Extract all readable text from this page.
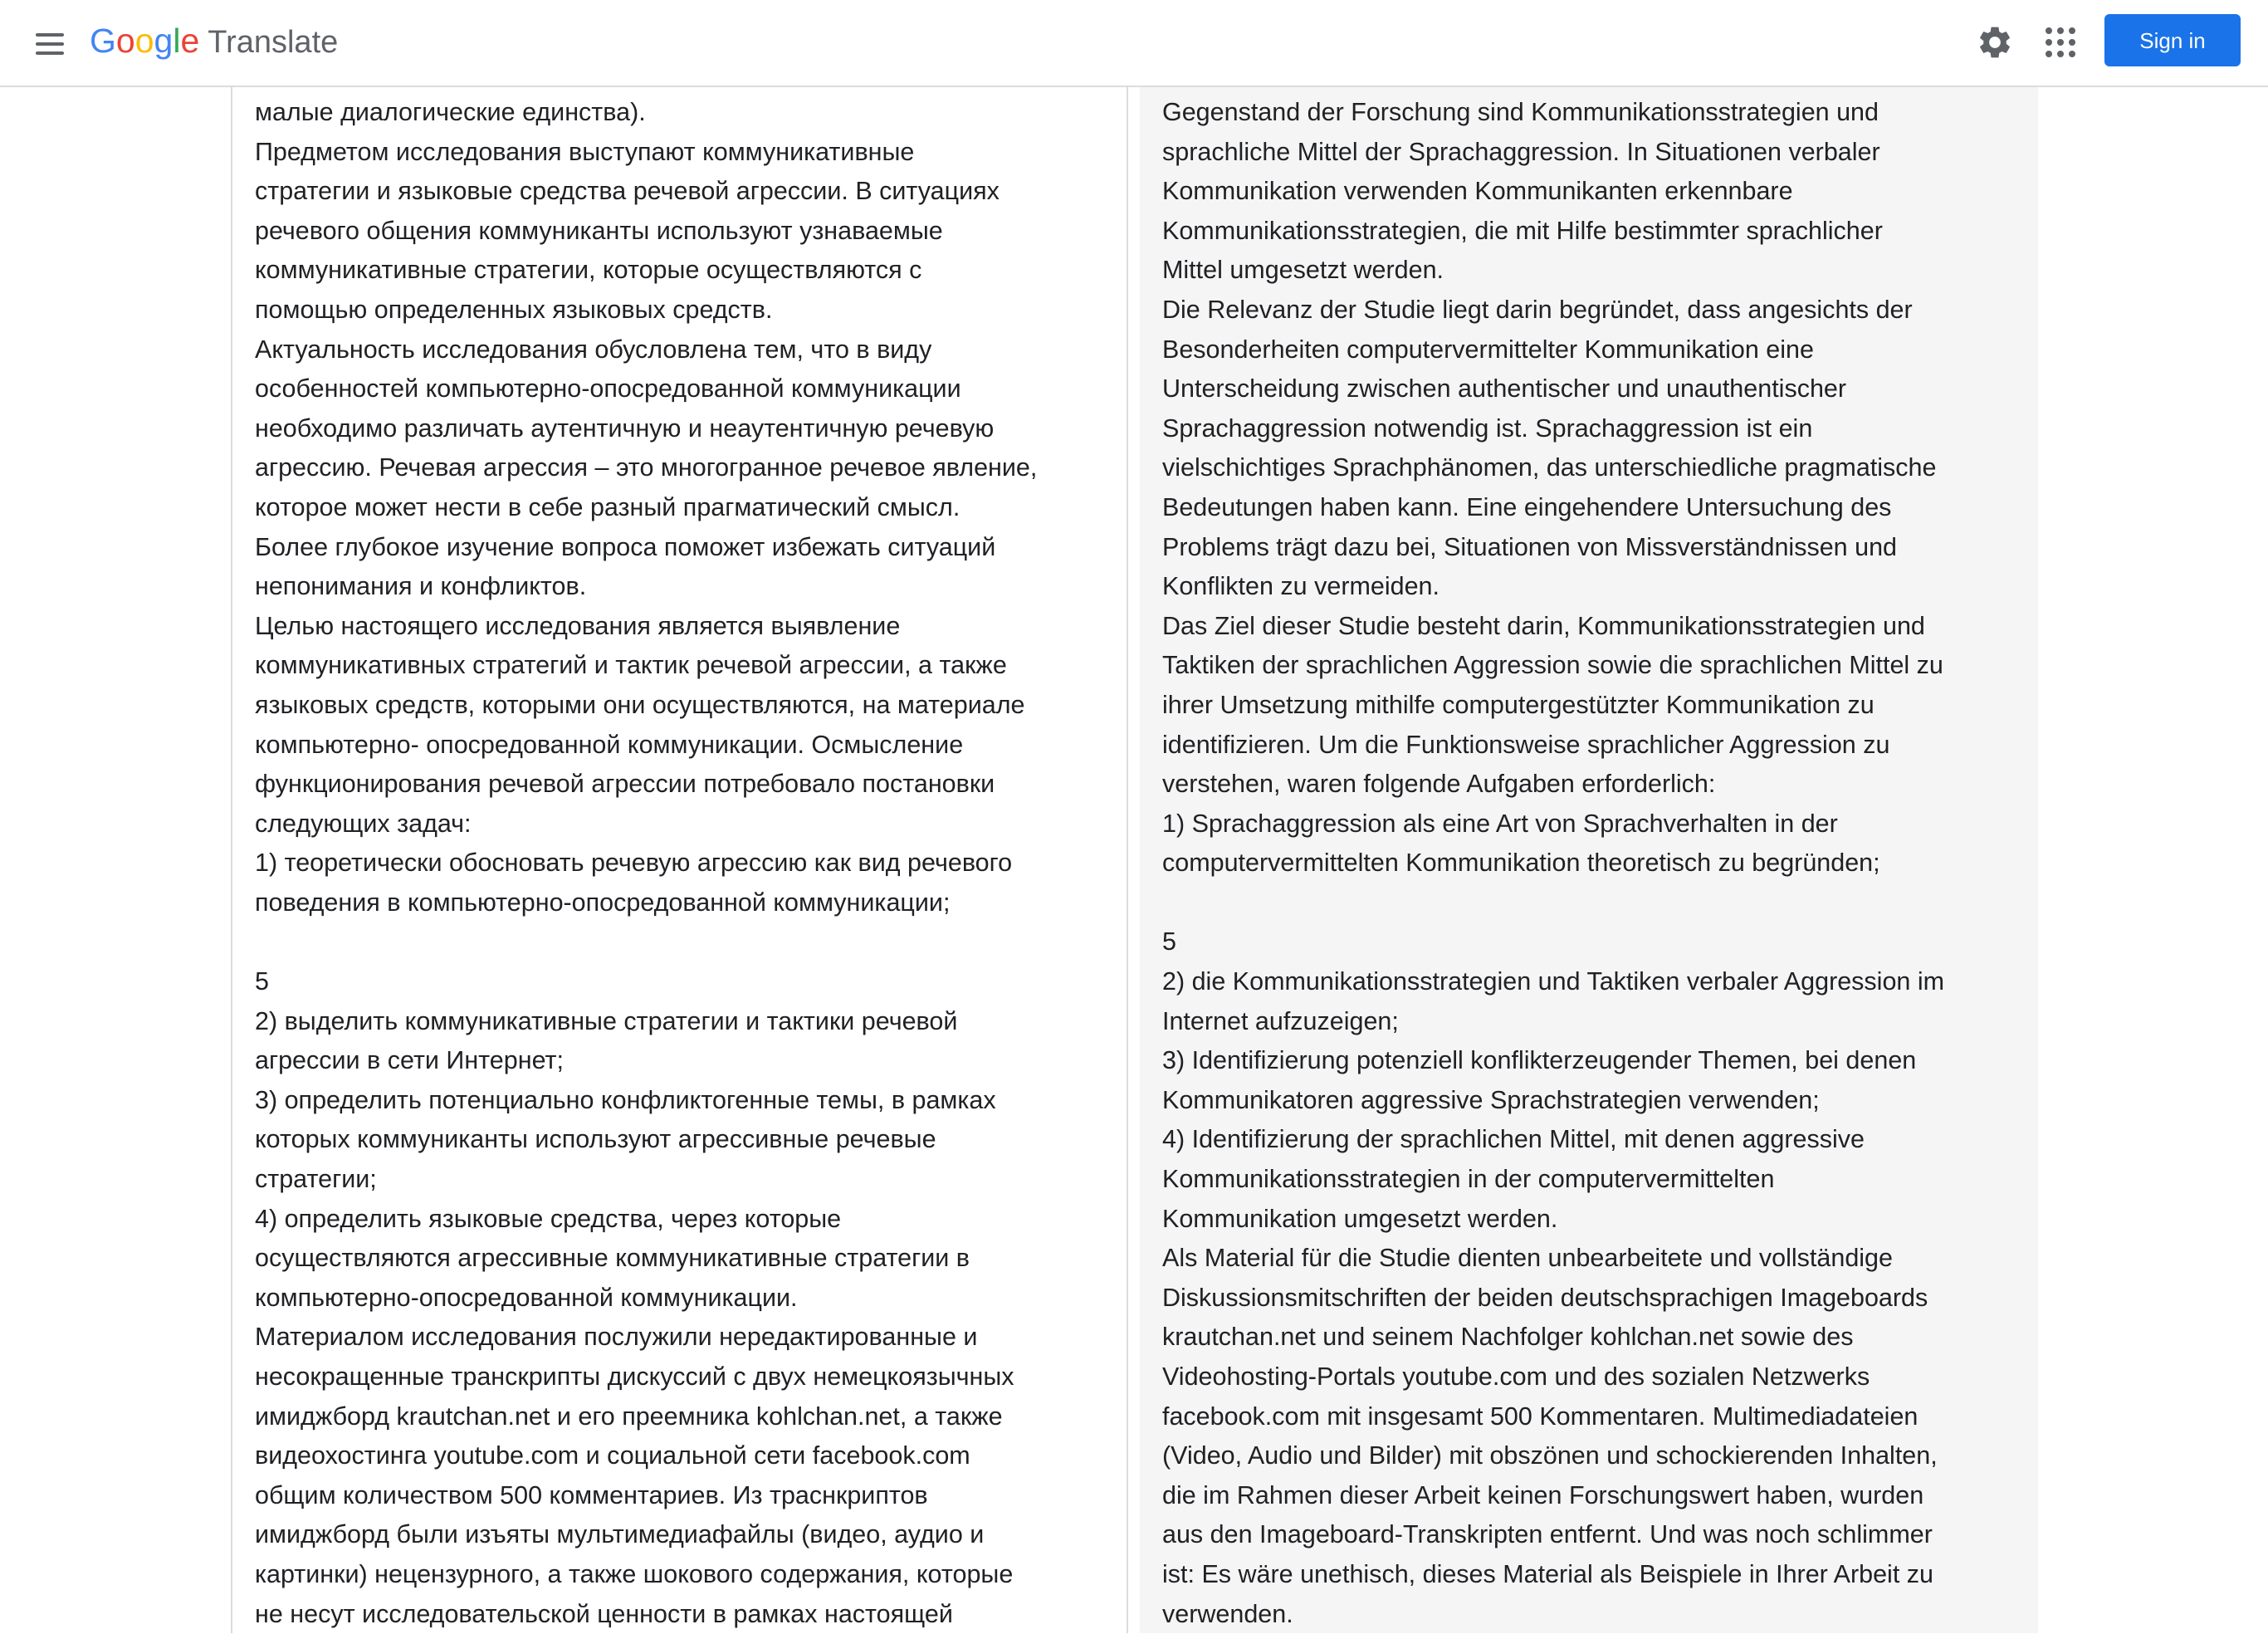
Google Translate	Sign in
малые диалогические единства).
Предметом исследования выступают коммуникативные
стратегии и языковые средства речевой агрессии. В ситуациях
речевого общения коммуниканты используют узнаваемые
коммуникативные стратегии, которые осуществляются с
помощью определенных языковых средств.
Актуальность исследования обусловлена тем, что в виду
особенностей компьютерно-опосредованной коммуникации
необходимо различать аутентичную и неаутентичную речевую
агрессию. Речевая агрессия – это многогранное речевое явление,
которое может нести в себе разный прагматический смысл.
Более глубокое изучение вопроса поможет избежать ситуаций
непонимания и конфликтов.
Целью настоящего исследования является выявление
коммуникативных стратегий и тактик речевой агрессии, а также
языковых средств, которыми они осуществляются, на материале
компьютерно- опосредованной коммуникации. Осмысление
функционирования речевой агрессии потребовало постановки
следующих задач:
1) теоретически обосновать речевую агрессию как вид речевого
поведения в компьютерно-опосредованной коммуникации;

5
2) выделить коммуникативные стратегии и тактики речевой
агрессии в сети Интернет;
3) определить потенциально конфликтогенные темы, в рамках
которых коммуниканты используют агрессивные речевые
стратегии;
4) определить языковые средства, через которые
осуществляются агрессивные коммуникативные стратегии в
компьютерно-опосредованной коммуникации.
Материалом исследования послужили нередактированные и
несокращенные транскрипты дискуссий с двух немецкоязычных
имиджборд krautchan.net и его преемника kohlchan.net, а также
видеохостинга youtube.com и социальной сети facebook.com
общим количеством 500 комментариев. Из траснкриптов
имиджборд были изъяты мультимедиафайлы (видео, аудио и
картинки) нецензурного, а также шокового содержания, которые
не несут исследовательской ценности в рамках настоящей
Gegenstand der Forschung sind Kommunikationsstrategien und
sprachliche Mittel der Sprachaggression. In Situationen verbaler
Kommunikation verwenden Kommunikanten erkennbare
Kommunikationsstrategien, die mit Hilfe bestimmter sprachlicher
Mittel umgesetzt werden.
Die Relevanz der Studie liegt darin begründet, dass angesichts der
Besonderheiten computervermittelter Kommunikation eine
Unterscheidung zwischen authentischer und unauthentischer
Sprachaggression notwendig ist. Sprachaggression ist ein
vielschichtiges Sprachphänomen, das unterschiedliche pragmatische
Bedeutungen haben kann. Eine eingehendere Untersuchung des
Problems trägt dazu bei, Situationen von Missverständnissen und
Konflikten zu vermeiden.
Das Ziel dieser Studie besteht darin, Kommunikationsstrategien und
Taktiken der sprachlichen Aggression sowie die sprachlichen Mittel zu
ihrer Umsetzung mithilfe computergestützter Kommunikation zu
identifizieren. Um die Funktionsweise sprachlicher Aggression zu
verstehen, waren folgende Aufgaben erforderlich:
1) Sprachaggression als eine Art von Sprachverhalten in der
computervermittelten Kommunikation theoretisch zu begründen;

5
2) die Kommunikationsstrategien und Taktiken verbaler Aggression im
Internet aufzuzeigen;
3) Identifizierung potenziell konflikterzeugender Themen, bei denen
Kommunikatoren aggressive Sprachstrategien verwenden;
4) Identifizierung der sprachlichen Mittel, mit denen aggressive
Kommunikationsstrategien in der computervermittelten
Kommunikation umgesetzt werden.
Als Material für die Studie dienten unbearbeitete und vollständige
Diskussionsmitschriften der beiden deutschsprachigen Imageboards
krautchan.net und seinem Nachfolger kohlchan.net sowie des
Videohosting-Portals youtube.com und des sozialen Netzwerks
facebook.com mit insgesamt 500 Kommentaren. Multimediadateien
(Video, Audio und Bilder) mit obszönen und schockierenden Inhalten,
die im Rahmen dieser Arbeit keinen Forschungswert haben, wurden
aus den Imageboard-Transkripten entfernt. Und was noch schlimmer
ist: Es wäre unethisch, dieses Material als Beispiele in Ihrer Arbeit zu
verwenden.
